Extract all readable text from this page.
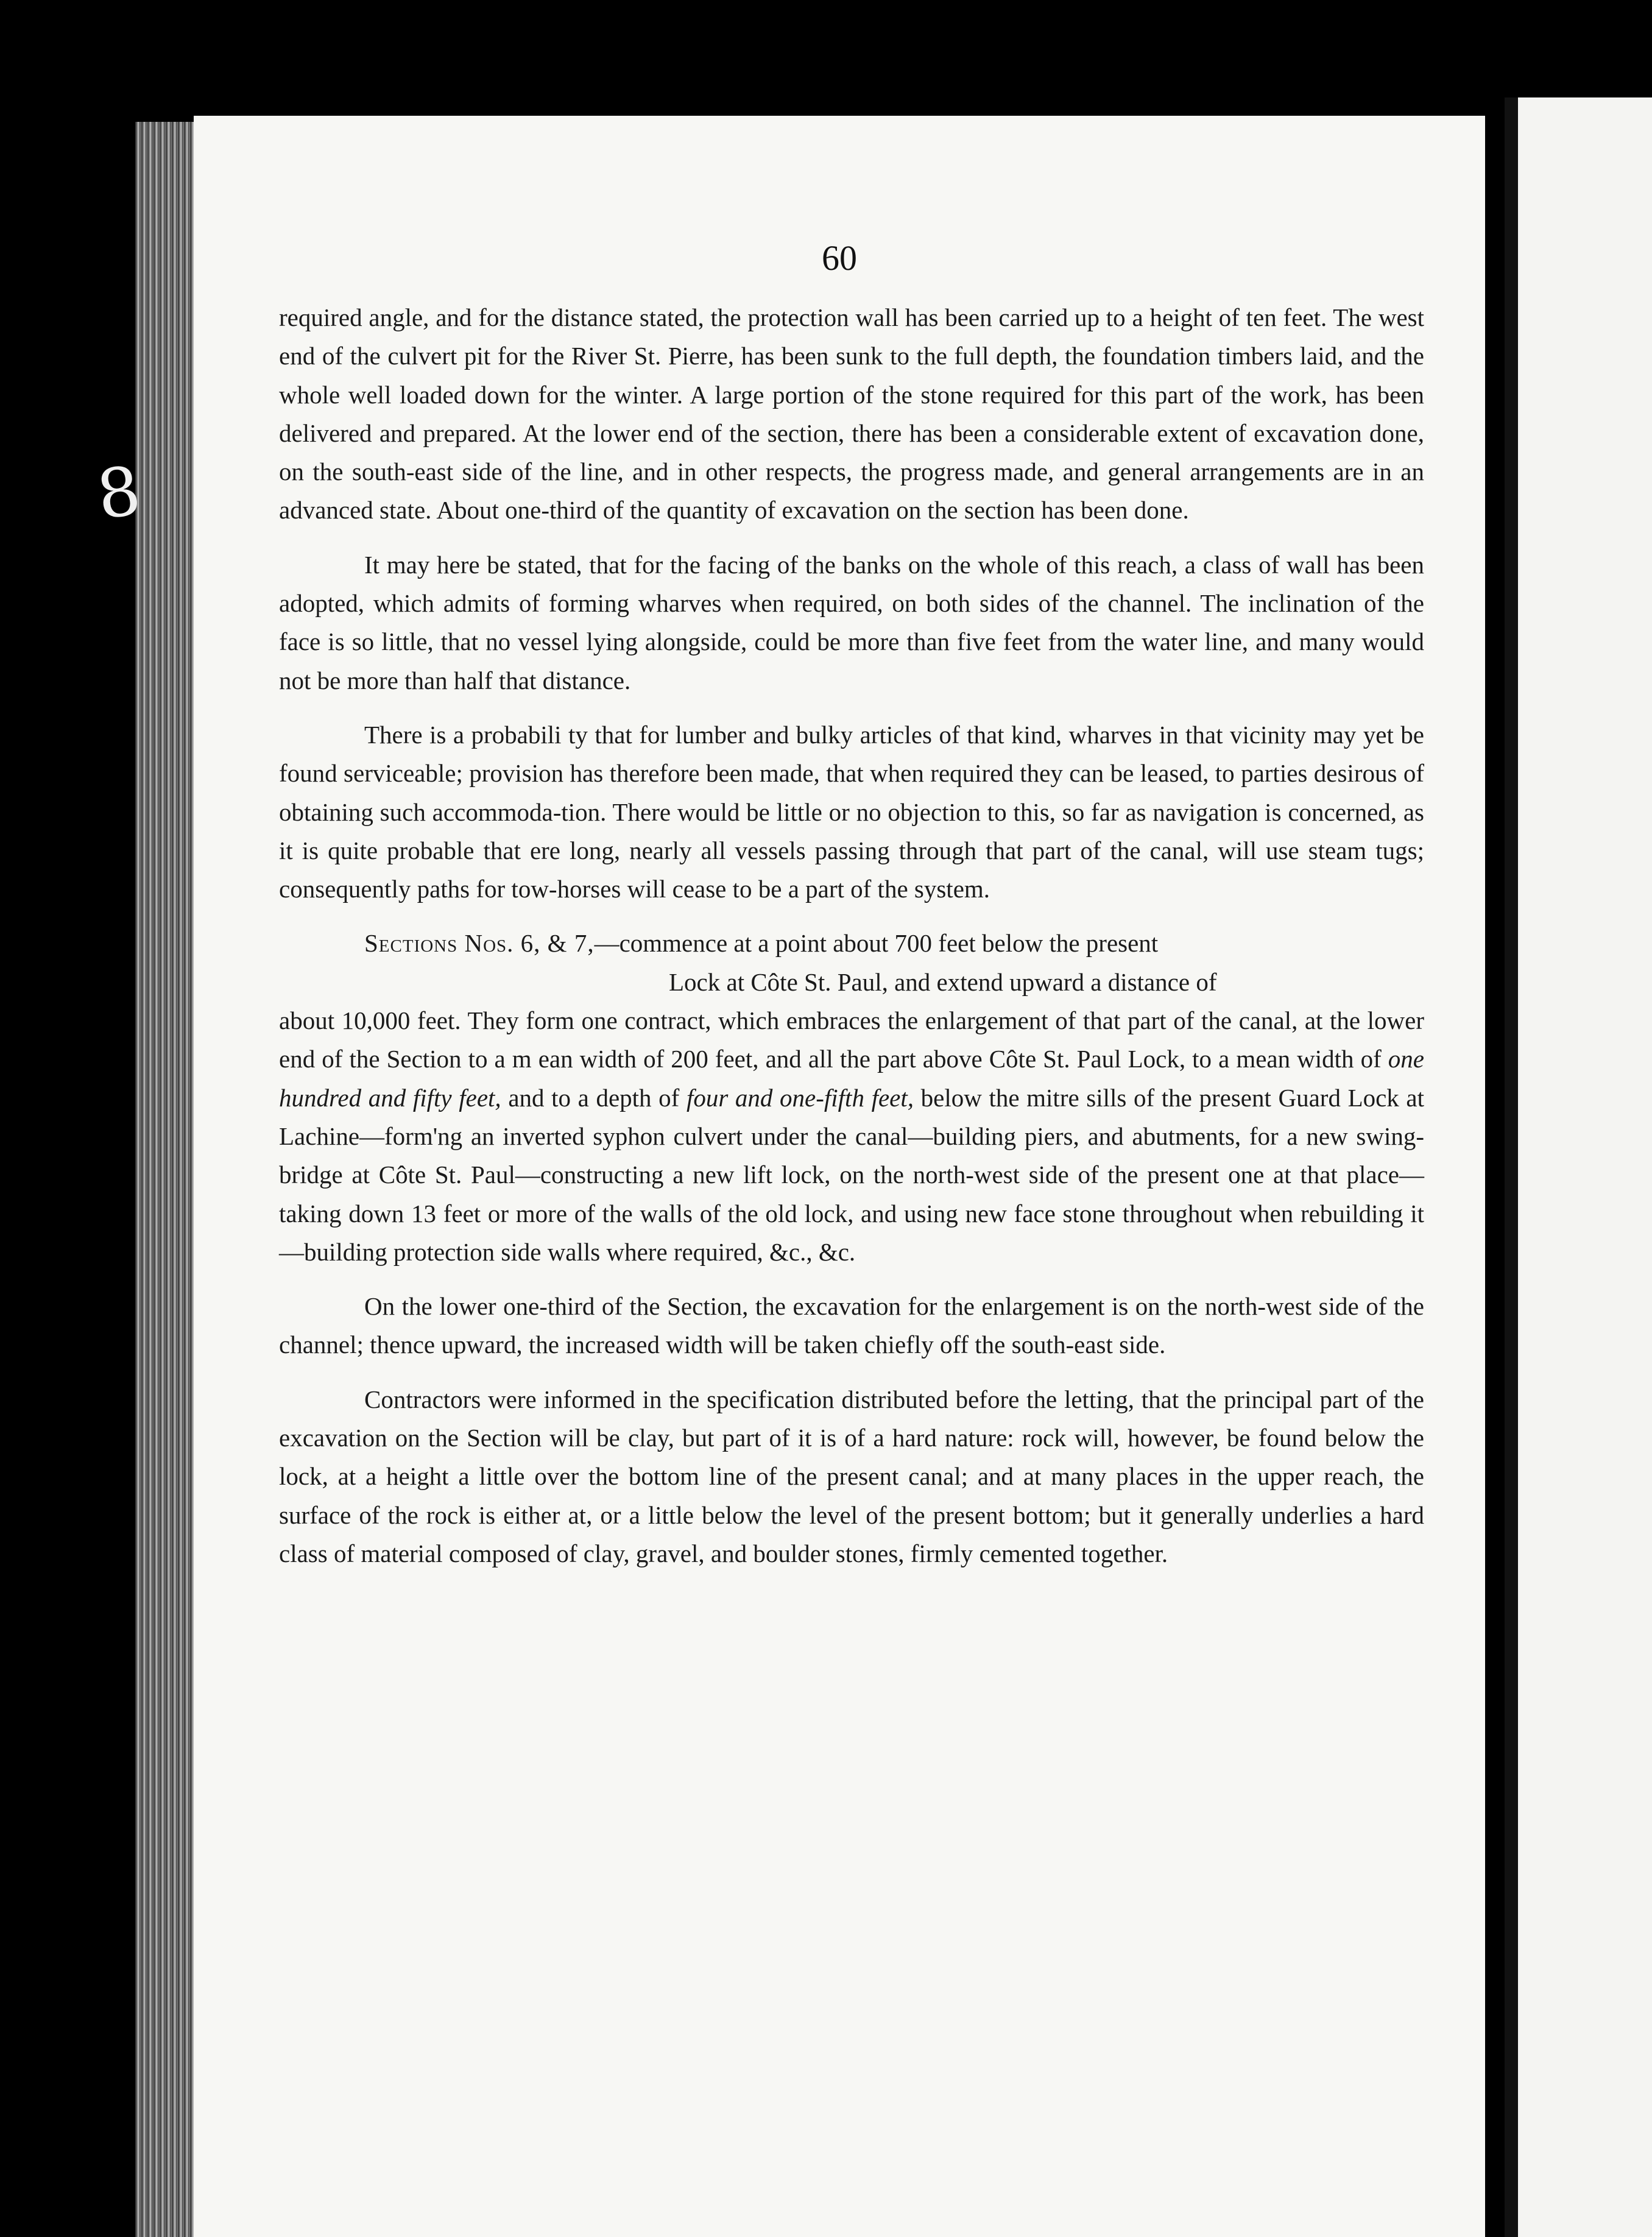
8
60

required angle, and for the distance stated, the protection wall has been carried up to a height of ten feet. The west end of the culvert pit for the River St. Pierre, has been sunk to the full depth, the foundation timbers laid, and the whole well loaded down for the winter. A large portion of the stone required for this part of the work, has been delivered and prepared. At the lower end of the section, there has been a considerable extent of excavation done, on the south-east side of the line, and in other respects, the progress made, and general arrangements are in an advanced state. About one-third of the quantity of excavation on the section has been done.

It may here be stated, that for the facing of the banks on the whole of this reach, a class of wall has been adopted, which admits of forming wharves when required, on both sides of the channel. The inclination of the face is so little, that no vessel lying alongside, could be more than five feet from the water line, and many would not be more than half that distance.

There is a probabili ty that for lumber and bulky articles of that kind, wharves in that vicinity may yet be found serviceable; provision has therefore been made, that when required they can be leased, to parties desirous of obtaining such accommoda-tion. There would be little or no objection to this, so far as navigation is concerned, as it is quite probable that ere long, nearly all vessels passing through that part of the canal, will use steam tugs; consequently paths for tow-horses will cease to be a part of the system.

Sections Nos. 6, & 7,—commence at a point about 700 feet below the present
Lock at Côte St. Paul, and extend upward a distance of
about 10,000 feet. They form one contract, which embraces the enlargement of that part of the canal, at the lower end of the Section to a m ean width of 200 feet, and all the part above Côte St. Paul Lock, to a mean width of one hundred and fifty feet, and to a depth of four and one-fifth feet, below the mitre sills of the present Guard Lock at Lachine—form'ng an inverted syphon culvert under the canal—building piers, and abutments, for a new swing-bridge at Côte St. Paul—constructing a new lift lock, on the north-west side of the present one at that place—taking down 13 feet or more of the walls of the old lock, and using new face stone throughout when rebuilding it—building protection side walls where required, &c., &c.

On the lower one-third of the Section, the excavation for the enlargement is on the north-west side of the channel; thence upward, the increased width will be taken chiefly off the south-east side.

Contractors were informed in the specification distributed before the letting, that the principal part of the excavation on the Section will be clay, but part of it is of a hard nature: rock will, however, be found below the lock, at a height a little over the bottom line of the present canal; and at many places in the upper reach, the surface of the rock is either at, or a little below the level of the present bottom; but it generally underlies a hard class of material composed of clay, gravel, and boulder stones, firmly cemented together.
